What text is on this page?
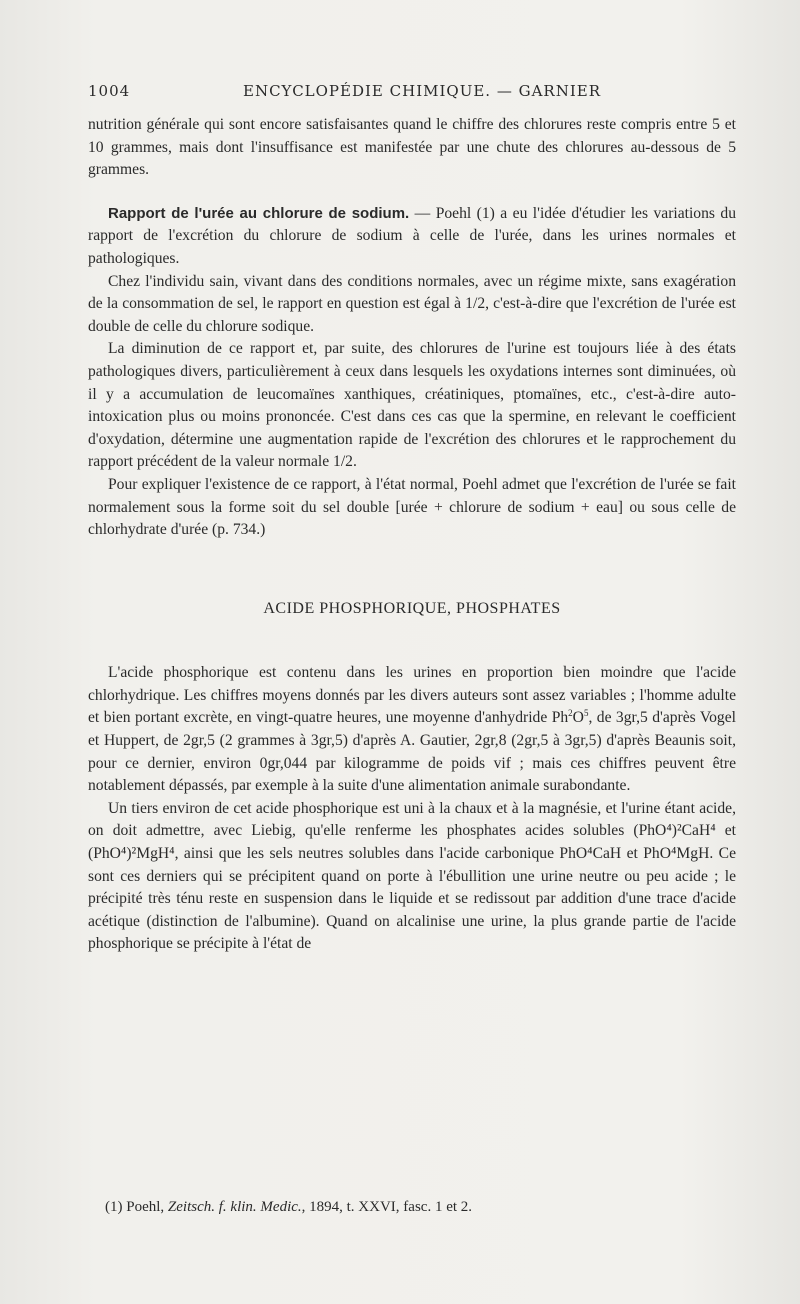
1004	ENCYCLOPÉDIE CHIMIQUE. — GARNIER

nutrition générale qui sont encore satisfaisantes quand le chiffre des chlorures reste compris entre 5 et 10 grammes, mais dont l'insuffisance est manifestée par une chute des chlorures au-dessous de 5 grammes.

Rapport de l'urée au chlorure de sodium. — Poehl (1) a eu l'idée d'étudier les variations du rapport de l'excrétion du chlorure de sodium à celle de l'urée, dans les urines normales et pathologiques.

Chez l'individu sain, vivant dans des conditions normales, avec un régime mixte, sans exagération de la consommation de sel, le rapport en question est égal à 1/2, c'est-à-dire que l'excrétion de l'urée est double de celle du chlorure sodique.

La diminution de ce rapport et, par suite, des chlorures de l'urine est toujours liée à des états pathologiques divers, particulièrement à ceux dans lesquels les oxydations internes sont diminuées, où il y a accumulation de leucomaïnes xanthiques, créatiniques, ptomaïnes, etc., c'est-à-dire auto-intoxication plus ou moins prononcée. C'est dans ces cas que la spermine, en relevant le coefficient d'oxydation, détermine une augmentation rapide de l'excrétion des chlorures et le rapprochement du rapport précédent de la valeur normale 1/2.

Pour expliquer l'existence de ce rapport, à l'état normal, Poehl admet que l'excrétion de l'urée se fait normalement sous la forme soit du sel double [urée + chlorure de sodium + eau] ou sous celle de chlorhydrate d'urée (p. 734.)

ACIDE PHOSPHORIQUE, PHOSPHATES

L'acide phosphorique est contenu dans les urines en proportion bien moindre que l'acide chlorhydrique. Les chiffres moyens donnés par les divers auteurs sont assez variables ; l'homme adulte et bien portant excrète, en vingt-quatre heures, une moyenne d'anhydride $Ph^2O^5$, de 3gr,5 d'après Vogel et Huppert, de 2gr,5 (2 grammes à 3gr,5) d'après A. Gautier, 2gr,8 (2gr,5 à 3gr,5) d'après Beaunis soit, pour ce dernier, environ 0gr,044 par kilogramme de poids vif ; mais ces chiffres peuvent être notablement dépassés, par exemple à la suite d'une alimentation animale surabondante.

Un tiers environ de cet acide phosphorique est uni à la chaux et à la magnésie, et l'urine étant acide, on doit admettre, avec Liebig, qu'elle renferme les phosphates acides solubles (PhO⁴)²CaH⁴ et (PhO⁴)²MgH⁴, ainsi que les sels neutres solubles dans l'acide carbonique PhO⁴CaH et PhO⁴MgH. Ce sont ces derniers qui se précipitent quand on porte à l'ébullition une urine neutre ou peu acide ; le précipité très ténu reste en suspension dans le liquide et se redissout par addition d'une trace d'acide acétique (distinction de l'albumine). Quand on alcalinise une urine, la plus grande partie de l'acide phosphorique se précipite à l'état de

(1) Poehl, Zeitsch. f. klin. Medic., 1894, t. XXVI, fasc. 1 et 2.
